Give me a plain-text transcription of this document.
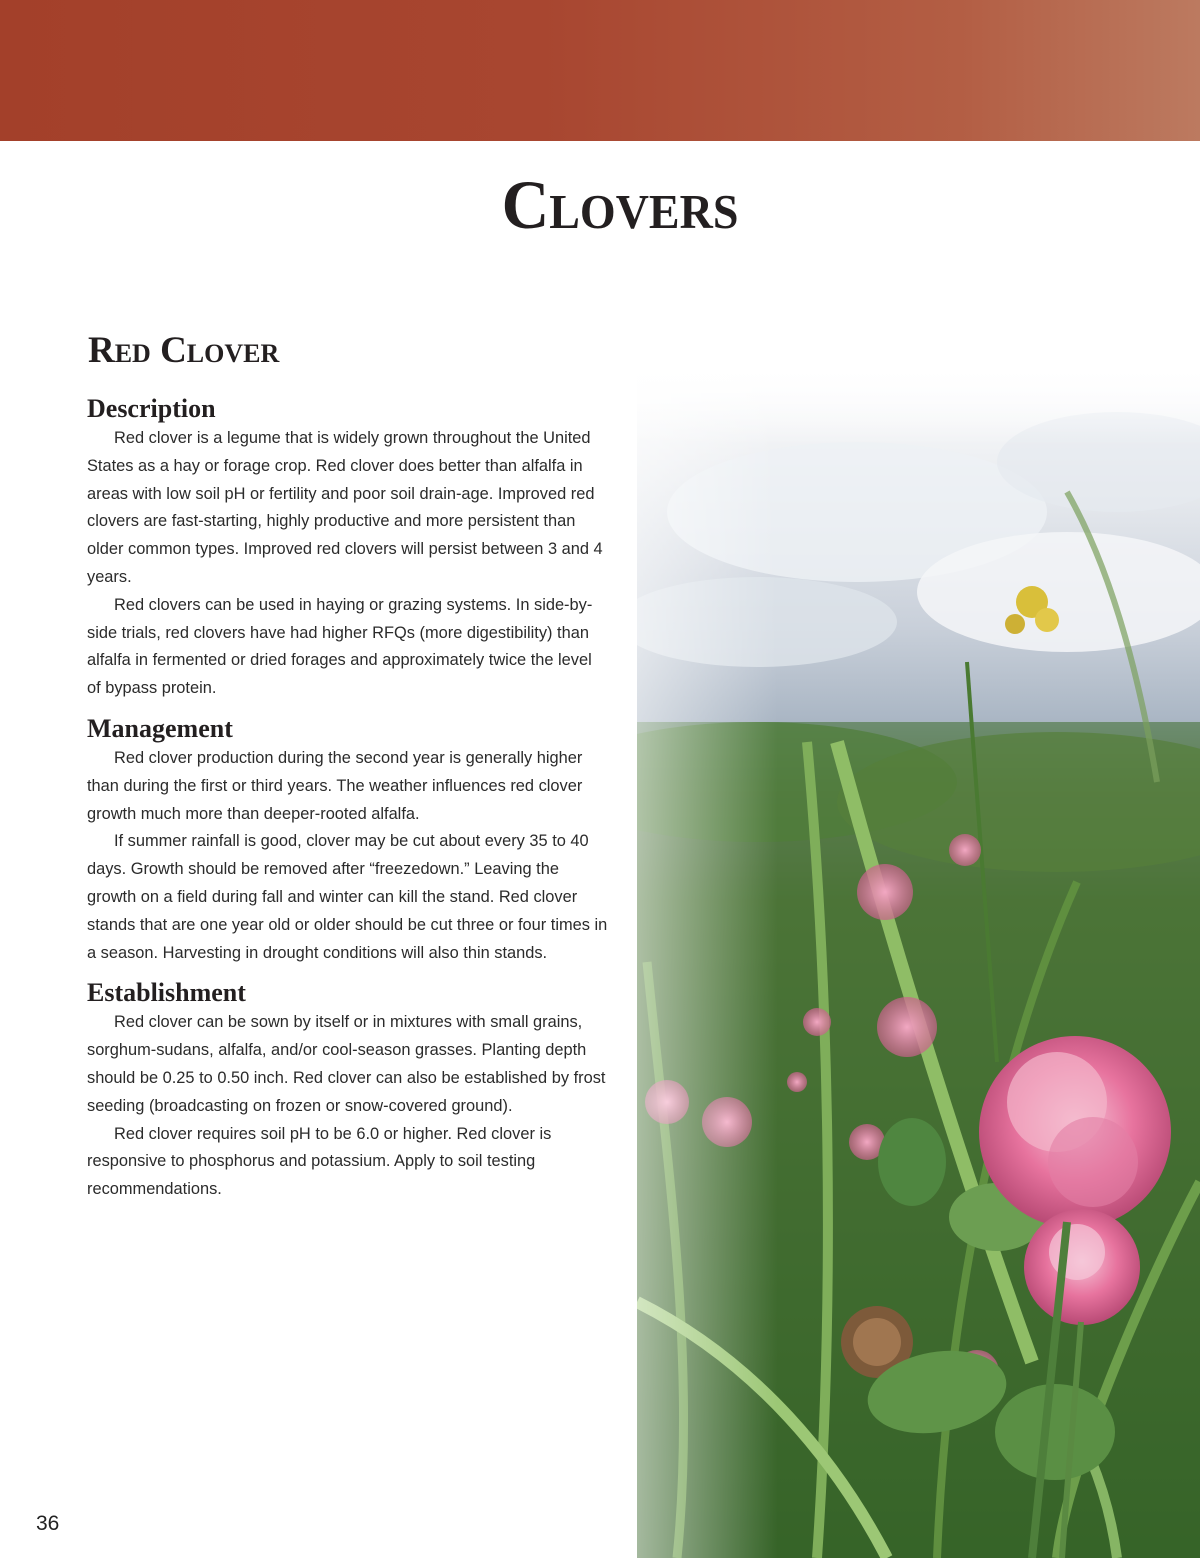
Clovers
Red Clover
Description

Red clover is a legume that is widely grown throughout the United States as a hay or forage crop. Red clover does better than alfalfa in areas with low soil pH or fertility and poor soil drain-age. Improved red clovers are fast-starting, highly productive and more persistent than older common types. Improved red clovers will persist between 3 and 4 years.

Red clovers can be used in haying or grazing systems. In side-by-side trials, red clovers have had higher RFQs (more digestibility) than alfalfa in fermented or dried forages and approximately twice the level of bypass protein.

Management

Red clover production during the second year is generally higher than during the first or third years. The weather influences red clover growth much more than deeper-rooted alfalfa.

If summer rainfall is good, clover may be cut about every 35 to 40 days. Growth should be removed after “freezedown.” Leaving the growth on a field during fall and winter can kill the stand. Red clover stands that are one year old or older should be cut three or four times in a season. Harvesting in drought conditions will also thin stands.

Establishment

Red clover can be sown by itself or in mixtures with small grains, sorghum-sudans, alfalfa, and/or cool-season grasses. Planting depth should be 0.25 to 0.50 inch. Red clover can also be established by frost seeding (broadcasting on frozen or snow-covered ground).

Red clover requires soil pH to be 6.0 or higher. Red clover is responsive to phosphorus and potassium. Apply to soil testing recommendations.

36
